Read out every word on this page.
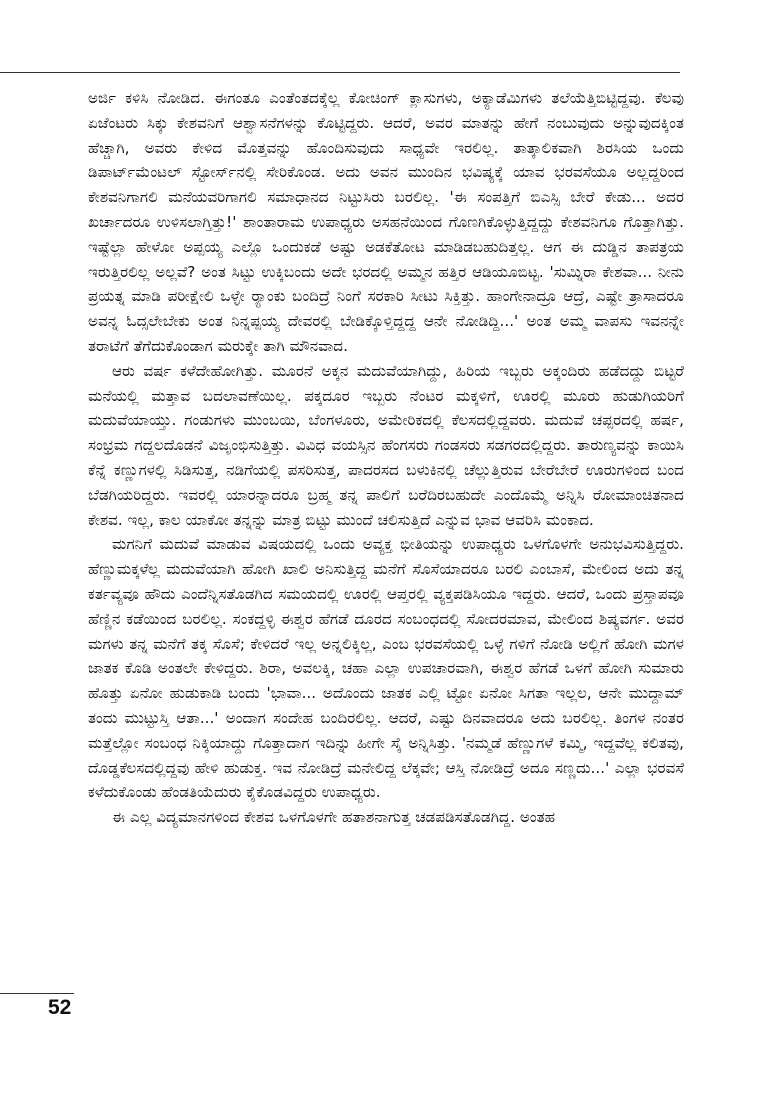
ಅರ್ಜಿ ಕಳಿಸಿ ನೋಡಿದ. ಈಗಂತೂ ಎಂತೆಂತದಕ್ಕೆಲ್ಲ ಕೋಚಿಂಗ್ ಕ್ಲಾಸುಗಳು, ಅಕ್ಯಾಡೆಮಿಗಳು ತಲೆಯೆತ್ತಿಬಿಟ್ಟಿದ್ದವು. ಕೆಲವು ಏಜೆಂಟರು ಸಿಕ್ಕು ಕೇಶವನಿಗೆ ಆಶ್ವಾಸನೆಗಳನ್ನು ಕೊಟ್ಟಿದ್ದರು. ಆದರೆ, ಅವರ ಮಾತನ್ನು ಹೇಗೆ ನಂಬುವುದು ಅನ್ನುವುದಕ್ಕಿಂತ ಹೆಚ್ಚಾಗಿ, ಅವರು ಕೇಳಿದ ಮೊತ್ತವನ್ನು ಹೊಂದಿಸುವುದು ಸಾಧ್ಯವೇ ಇರಲಿಲ್ಲ. ತಾತ್ಕಾಲಿಕವಾಗಿ ಶಿರಸಿಯ ಒಂದು ಡಿಪಾರ್ಟ್‌ಮೆಂಟಲ್ ಸ್ಟೋರ್ಸ್‌ನಲ್ಲಿ ಸೇರಿಕೊಂಡ. ಅದು ಅವನ ಮುಂದಿನ ಭವಿಷ್ಯಕ್ಕೆ ಯಾವ ಭರವಸೆಯೂ ಅಲ್ಲದ್ದರಿಂದ ಕೇಶವನಿಗಾಗಲಿ ಮನೆಯವರಿಗಾಗಲಿ ಸಮಾಧಾನದ ನಿಟ್ಟುಸಿರು ಬರಲಿಲ್ಲ. 'ಈ ಸಂಪತ್ತಿಗೆ ಬಿಎಸ್ಸಿ ಬೇರೆ ಕೇಡು... ಅದರ ಖರ್ಚಾದರೂ ಉಳಿಸಲಾಗ್ತಿತ್ತು!' ಶಾಂತಾರಾಮ ಉಪಾಧ್ಯರು ಅಸಹನೆಯಿಂದ ಗೊಣಗಿಕೊಳ್ಳುತ್ತಿದ್ದದ್ದು ಕೇಶವನಿಗೂ ಗೊತ್ತಾಗಿತ್ತು. ಇಷ್ಟೆಲ್ಲಾ ಹೇಳೋ ಅಪ್ಪಯ್ಯ ಎಲ್ಲೊ ಒಂದುಕಡೆ ಅಷ್ಟು ಅಡಕೆತೋಟ ಮಾಡಿಡಬಹುದಿತ್ತಲ್ಲ. ಆಗ ಈ ದುಡ್ಡಿನ ತಾಪತ್ರಯ ಇರುತ್ತಿರಲಿಲ್ಲ ಅಲ್ಲವೆ? ಅಂತ ಸಿಟ್ಟು ಉಕ್ಕಿಬಂದು ಅದೇ ಭರದಲ್ಲಿ ಅಮ್ಮನ ಹತ್ತಿರ ಆಡಿಯೂಬಿಟ್ಟ. 'ಸುಮ್ನಿರಾ ಕೇಶವಾ... ನೀನು ಪ್ರಯತ್ನ ಮಾಡಿ ಪರೀಕ್ಷೇಲಿ ಒಳ್ಳೇ ರ‍್ಯಾಂಕು ಬಂದಿದ್ರೆ ನಿಂಗೆ ಸರಕಾರಿ ಸೀಟು ಸಿಕ್ತಿತ್ತು. ಹಾಂಗೇನಾದ್ರೂ ಆದ್ರೆ, ಎಷ್ಟೇ ತ್ರಾಸಾದರೂ ಅವನ್ನ ಓದ್ಸಲೇಬೇಕು ಅಂತ ನಿನ್ನಪ್ಪಯ್ಯ ದೇವರಲ್ಲಿ ಬೇಡಿಕ್ಕೊಳ್ತಿದ್ದದ್ದ ಆನೇ ನೋಡಿದ್ದಿ...' ಅಂತ ಅಮ್ಮ ವಾಪಸು ಇವನನ್ನೇ ತರಾಟೆಗೆ ತೆಗೆದುಕೊಂಡಾಗ ಮರುಕ್ಕೇ ತಾಗಿ ಮೌನವಾದ.

ಆರು ವರ್ಷ ಕಳೆದೇಹೋಗಿತ್ತು. ಮೂರನೆ ಅಕ್ಕನ ಮದುವೆಯಾಗಿದ್ದು, ಹಿರಿಯ ಇಬ್ಬರು ಅಕ್ಕಂದಿರು ಹಡೆದದ್ದು ಬಿಟ್ಟರೆ ಮನೆಯಲ್ಲಿ ಮತ್ತಾವ ಬದಲಾವಣೆಯಿಲ್ಲ. ಪಕ್ಕದೂರ ಇಬ್ಬರು ನೆಂಟರ ಮಕ್ಕಳಿಗೆ, ಊರಲ್ಲಿ ಮೂರು ಹುಡುಗಿಯರಿಗೆ ಮದುವೆಯಾಯ್ತು. ಗಂಡುಗಳು ಮುಂಬಯಿ, ಬೆಂಗಳೂರು, ಅಮೇರಿಕದಲ್ಲಿ ಕೆಲಸದಲ್ಲಿದ್ದವರು. ಮದುವೆ ಚಪ್ಪರದಲ್ಲಿ ಹರ್ಷ, ಸಂಭ್ರಮ ಗದ್ದಲದೊಡನೆ ವಿಜೃಂಭಿಸುತ್ತಿತ್ತು. ವಿವಿಧ ವಯಸ್ಸಿನ ಹೆಂಗಸರು ಗಂಡಸರು ಸಡಗರದಲ್ಲಿದ್ದರು. ತಾರುಣ್ಯವನ್ನು ಕಾಯಿಸಿ ಕೆನ್ನೆ ಕಣ್ಣುಗಳಲ್ಲಿ ಸಿಡಿಸುತ್ತ, ನಡಿಗೆಯಲ್ಲಿ ಪಸರಿಸುತ್ತ, ಪಾದರಸದ ಬಳುಕಿನಲ್ಲಿ ಚೆಲ್ಲುತ್ತಿರುವ ಬೇರೆಬೇರೆ ಊರುಗಳಿಂದ ಬಂದ ಬೆಡಗಿಯರಿದ್ದರು. ಇವರಲ್ಲಿ ಯಾರನ್ನಾದರೂ ಬ್ರಹ್ಮ ತನ್ನ ಪಾಲಿಗೆ ಬರೆದಿರಬಹುದೇ ಎಂದೊಮ್ಮೆ ಅನ್ನಿಸಿ ರೋಮಾಂಚಿತನಾದ ಕೇಶವ. ಇಲ್ಲ, ಕಾಲ ಯಾಕೋ ತನ್ನನ್ನು ಮಾತ್ರ ಬಿಟ್ಟು ಮುಂದೆ ಚಲಿಸುತ್ತಿದೆ ಎನ್ನುವ ಭಾವ ಆವರಿಸಿ ಮಂಕಾದ.

ಮಗನಿಗೆ ಮದುವೆ ಮಾಡುವ ವಿಷಯದಲ್ಲಿ ಒಂದು ಅವ್ಯಕ್ತ ಭೀತಿಯನ್ನು ಉಪಾಧ್ಯರು ಒಳಗೊಳಗೇ ಅನುಭವಿಸುತ್ತಿದ್ದರು. ಹೆಣ್ಣುಮಕ್ಕಳೆಲ್ಲ ಮದುವೆಯಾಗಿ ಹೋಗಿ ಖಾಲಿ ಅನಿಸುತ್ತಿದ್ದ ಮನೆಗೆ ಸೊಸೆಯಾದರೂ ಬರಲಿ ಎಂಬಾಸೆ, ಮೇಲಿಂದ ಅದು ತನ್ನ ಕರ್ತವ್ಯವೂ ಹೌದು ಎಂದೆನ್ನಿಸತೊಡಗಿದ ಸಮಯದಲ್ಲಿ ಊರಲ್ಲಿ ಆಪ್ತರಲ್ಲಿ ವ್ಯಕ್ತಪಡಿಸಿಯೂ ಇದ್ದರು. ಆದರೆ, ಒಂದು ಪ್ರಸ್ತಾಪವೂ ಹೆಣ್ಣಿನ ಕಡೆಯಿಂದ ಬರಲಿಲ್ಲ. ಸಂಕದ್ದಳ್ಳಿ ಈಶ್ವರ ಹೆಗಡೆ ದೂರದ ಸಂಬಂಧದಲ್ಲಿ ಸೋದರಮಾವ, ಮೇಲಿಂದ ಶಿಷ್ಯವರ್ಗ. ಅವರ ಮಗಳು ತನ್ನ ಮನೆಗೆ ತಕ್ಕ ಸೊಸೆ; ಕೇಳಿದರೆ ಇಲ್ಲ ಅನ್ನಲಿಕ್ಕಿಲ್ಲ, ಎಂಬ ಭರವಸೆಯಲ್ಲಿ ಒಳ್ಳೆ ಗಳಿಗೆ ನೋಡಿ ಅಲ್ಲಿಗೆ ಹೋಗಿ ಮಗಳ ಜಾತಕ ಕೊಡಿ ಅಂತಲೇ ಕೇಳಿದ್ದರು. ಶಿರಾ, ಅವಲಕ್ಕಿ, ಚಹಾ ಎಲ್ಲಾ ಉಪಚಾರವಾಗಿ, ಈಶ್ವರ ಹೆಗಡೆ ಒಳಗೆ ಹೋಗಿ ಸುಮಾರು ಹೊತ್ತು ಏನೋ ಹುಡುಕಾಡಿ ಬಂದು 'ಭಾವಾ... ಅದೊಂದು ಜಾತಕ ಎಲ್ಲಿ ಟ್ಟೋ ಏನೋ ಸಿಗತಾ ಇಲ್ಲಲ, ಆನೇ ಮುದ್ದಾಮ್ ತಂದು ಮುಟ್ಟುಸ್ತಿ ಆತಾ...' ಅಂದಾಗ ಸಂದೇಹ ಬಂದಿರಲಿಲ್ಲ. ಆದರೆ, ಎಷ್ಟು ದಿನವಾದರೂ ಅದು ಬರಲಿಲ್ಲ. ತಿಂಗಳ ನಂತರ ಮತ್ತೆಲ್ಲೋ ಸಂಬಂಧ ನಿಕ್ಕಿಯಾದ್ದು ಗೊತ್ತಾದಾಗ ಇದಿನ್ನು ಹೀಗೇ ಸೈ ಅನ್ನಿಸಿತ್ತು. 'ನಮ್ಮಡೆ ಹೆಣ್ಣುಗಳೆ ಕಮ್ಮಿ, ಇದ್ದವೆಲ್ಲ ಕಲಿತವು, ದೊಡ್ಡಕೆಲಸದಲ್ಲಿದ್ದವು ಹೇಳಿ ಹುಡುಕ್ತ. ಇವ ನೋಡಿದ್ರೆ ಮನೇಲಿದ್ದ ಲೆಕ್ಕವೇ; ಆಸ್ತಿ ನೋಡಿದ್ರೆ ಅದೂ ಸಣ್ಣದು...' ಎಲ್ಲಾ ಭರವಸೆ ಕಳೆದುಕೊಂಡು ಹೆಂಡತಿಯೆದುರು ಕೈಕೊಡವಿದ್ದರು ಉಪಾಧ್ಯರು.

ಈ ಎಲ್ಲ ವಿದ್ಯಮಾನಗಳಿಂದ ಕೇಶವ ಒಳಗೊಳಗೇ ಹತಾಶನಾಗುತ್ತ ಚಡಪಡಿಸತೊಡಗಿದ್ದ. ಅಂತಹ

52
